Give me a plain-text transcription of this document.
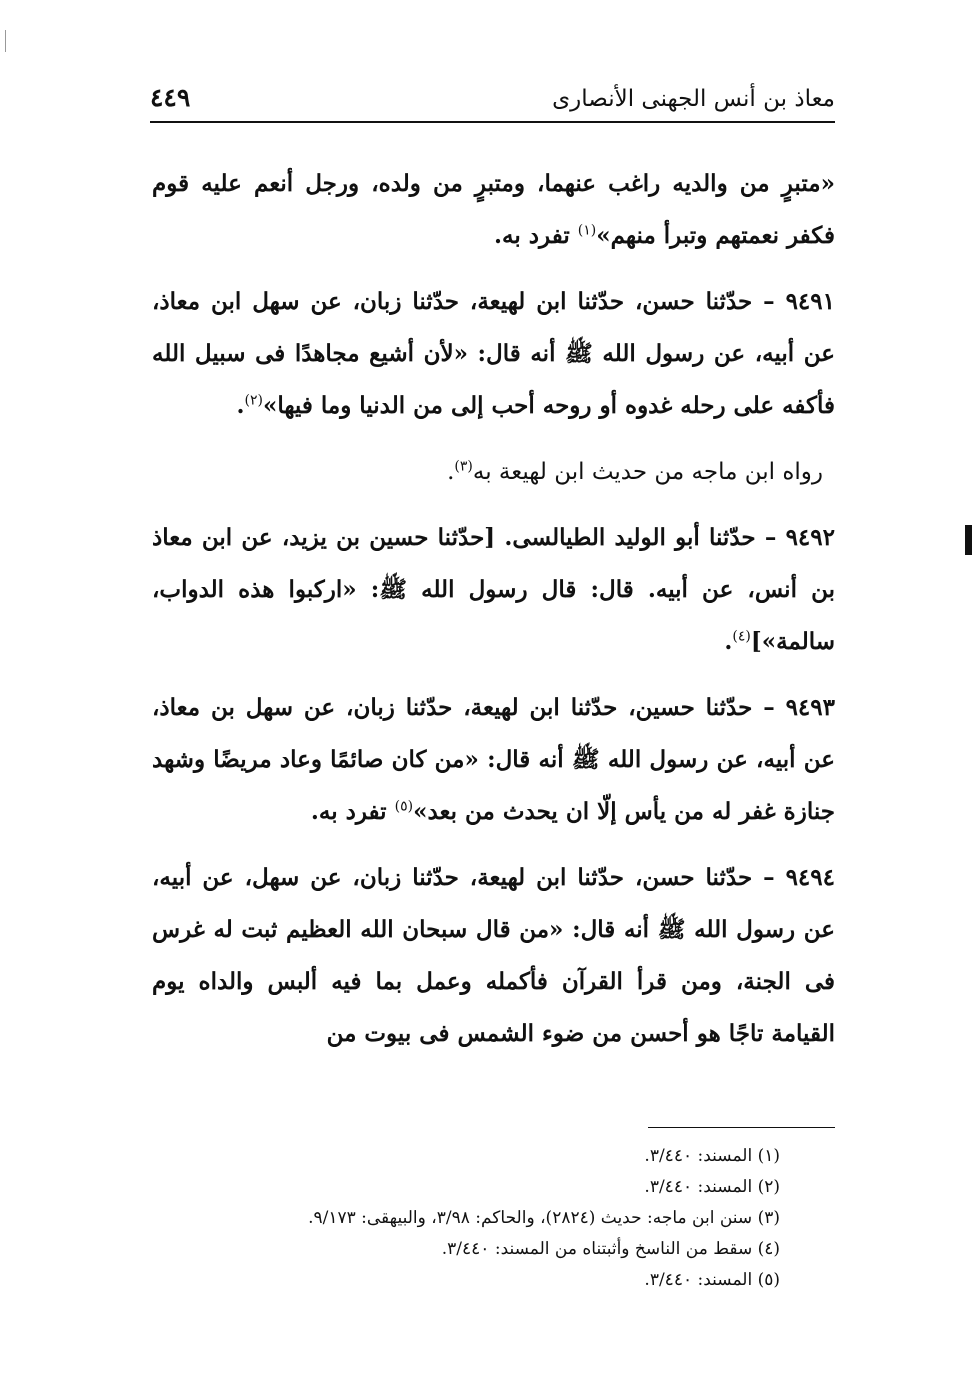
معاذ بن أنس الجهنى الأنصارى
٤٤٩

«متبرٍ من والديه راغب عنهما، ومتبرٍ من ولده، ورجل أنعم عليه قوم فكفر نعمتهم وتبرأ منهم»$^{(١)}$ تفرد به.

٩٤٩١ – حدّثنا حسن، حدّثنا ابن لهيعة، حدّثنا زبان، عن سهل ابن معاذ، عن أبيه، عن رسول الله ﷺ أنه قال: «لأن أشيع مجاهدًا فى سبيل الله فأكفه على رحله غدوه أو روحه أحب إلى من الدنيا وما فيها»$^{(٢)}$.

رواه ابن ماجه من حديث ابن لهيعة به$^{(٣)}$.

٩٤٩٢ – حدّثنا أبو الوليد الطيالسى. [حدّثنا حسين بن يزيد، عن ابن معاذ بن أنس، عن أبيه. قال: قال رسول الله ﷺ: «اركبوا هذه الدواب، سالمة»]$^{(٤)}$.

٩٤٩٣ – حدّثنا حسين، حدّثنا ابن لهيعة، حدّثنا زبان، عن سهل بن معاذ، عن أبيه، عن رسول الله ﷺ أنه قال: «من كان صائمًا وعاد مريضًا وشهد جنازة غفر له من يأس إلّا ان يحدث من بعد»$^{(٥)}$ تفرد به.

٩٤٩٤ – حدّثنا حسن، حدّثنا ابن لهيعة، حدّثنا زبان، عن سهل، عن أبيه، عن رسول الله ﷺ أنه قال: «من قال سبحان الله العظيم ثبت له غرس فى الجنة، ومن قرأ القرآن فأكمله وعمل بما فيه ألبس والداه يوم القيامة تاجًا هو أحسن من ضوء الشمس فى بيوت من

(١) المسند: ٣/٤٤٠.
(٢) المسند: ٣/٤٤٠.
(٣) سنن ابن ماجه: حديث (٢٨٢٤)، والحاكم: ٣/٩٨، والبيهقى: ٩/١٧٣.
(٤) سقط من الناسخ وأثبتناه من المسند: ٣/٤٤٠.
(٥) المسند: ٣/٤٤٠.
